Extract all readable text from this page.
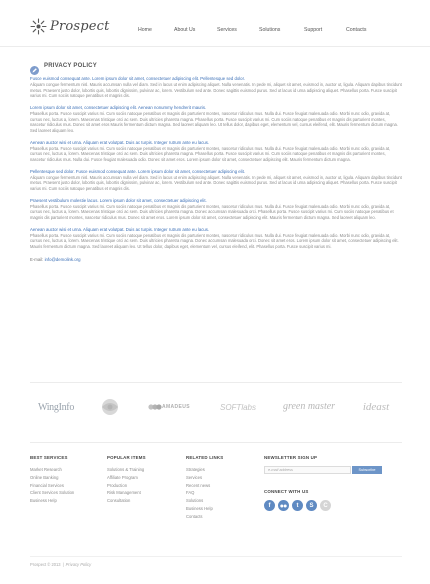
Prospect	Home	About Us	Services	Solutions	Support	Contacts
PRIVACY POLICY
Fusce euismod consequat ante. Lorem ipsum dolor sit amet, consectetuer adipiscing elit. Pellentesque sed dolor.
Aliquam congue fermentum nisl. Mauris accumsan nulla vel diam. Sed in lacus ut enim adipiscing aliquet. Nulla venenatis. In pede mi, aliquet sit amet, euismod in, auctor ut, ligula. Aliquam dapibus tincidunt metus. Praesent justo dolor, lobortis quis, lobortis dignissim, pulvinar ac, lorem. Vestibulum sed ante. Donec sagittis euismod purus. Sed ut lacus id urna adipiscing aliquet. Phasellus porta. Fusce suscipit varius mi. Cum sociis natoque penatibus et magnis dis.
Lorem ipsum dolor sit amet, consectetuer adipiscing elit. Aenean nonummy hendrerit mauris.
Phasellus porta. Fusce suscipit varius mi. Cum sociis natoque penatibus et magnis dis parturient montes, nascetur ridiculus mus. Nulla dui. Fusce feugiat malesuada odio. Morbi nunc odio, gravida at, cursus nec, luctus a, lorem. Maecenas tristique orci ac sem. Duis ultricies pharetra magna. Phasellus porta. Fusce suscipit varius mi. Cum sociis natoque penatibus et magnis dis parturient montes, nascetur ridiculus mus. Donec sit amet eros Mauris fermentum dictum magna. Sed laoreet aliquam leo. Ut tellus dolor, dapibus eget, elementum vel, cursus eleifend, elit. Mauris fermentum dictum magna. Sed laoreet aliquam leo.
Aenean auctor wisi et urna. Aliquam erat volutpat. Duis ac turpis. Integer rutrum ante eu lacus.
Phasellus porta. Fusce suscipit varius mi. Cum sociis natoque penatibus et magnis dis parturient montes, nascetur ridiculus mus. Nulla dui. Fusce feugiat malesuada odio. Morbi nunc odio, gravida at, cursus nec, luctus a, lorem. Maecenas tristique orci ac sem. Duis ultricies pharetra magna. Phasellus porta. Fusce suscipit varius mi. Cum sociis natoque penatibus et magnis dis parturient montes, nascetur ridiculus mus. Nulla dui. Fusce feugiat malesuada odio. Donec sit amet eros. Lorem ipsum dolor sit amet, consectetuer adipiscing elit. Mauris fermentum dictum magna.
Pellentesque sed dolor. Fusce euismod consequat ante. Lorem ipsum dolor sit amet, consectetuer adipiscing elit.
Aliquam congue fermentum nisl. Mauris accumsan nulla vel diam. Sed in lacus ut enim adipiscing aliquet. Nulla venenatis. In pede mi, aliquet sit amet, euismod in, auctor ut, ligula. Aliquam dapibus tincidunt metus. Praesent justo dolor, lobortis quis, lobortis dignissim, pulvinar ac, lorem. Vestibulum sed ante. Donec sagittis euismod purus. Sed ut lacus id urna adipiscing aliquet. Phasellus porta. Fusce suscipit varius mi. Cum sociis natoque penatibus et magnis dis.
Praesent vestibulum molestie lacus. Lorem ipsum dolor sit amet, consectetuer adipiscing elit.
Phasellus porta. Fusce suscipit varius mi. Cum sociis natoque penatibus et magnis dis parturient montes, nascetur ridiculus mus. Nulla dui. Fusce feugiat malesuada odio. Morbi nunc odio, gravida at, cursus nec, luctus a, lorem. Maecenas tristique orci ac sem. Duis ultricies pharetra magna. Donec accumsan malesuada orci. Phasellus porta. Fusce suscipit varius mi. Cum sociis natoque penatibus et magnis dis parturient montes, nascetur ridiculus mus. Donec sit amet eros. Lorem ipsum dolor sit amet, consectetuer adipiscing elit. Mauris fermentum dictum magna. Sed laoreet aliquam leo.
Aenean auctor wisi et urna. Aliquam erat volutpat. Duis ac turpis. Integer rutrum ante eu lacus.
Phasellus porta. Fusce suscipit varius mi. Cum sociis natoque penatibus et magnis dis parturient montes, nascetur ridiculus mus. Nulla dui. Fusce feugiat malesuada odio. Morbi nunc odio, gravida at, cursus nec, luctus a, lorem. Maecenas tristique orci ac sem. Duis ultricies pharetra magna. Donec accumsan malesuada orci. Donec sit amet eros. Lorem ipsum dolor sit amet, consectetuer adipiscing elit. Mauris fermentum dictum magna. Sed laoreet aliquam leo. Ut tellus dolor, dapibus eget, elementum vel, cursus eleifend, elit. Phasellus porta. Fusce suscipit varius mi.
E-mail: info@demolink.org
WingInfo	AMADEUS	SOFTlabs	green master	ideast
BEST SERVICES
Market Research
Online Banking
Financial Services
Client Services Solution
Business Help
POPULAR ITEMS
Solutions & Training
Affiliate Program
Production
Risk Management
Consultation
RELATED LINKS
Strategies
Services
Recent news
FAQ
Solutions
Business Help
Contacts
NEWSLETTER SIGN UP
e-mail address
Subscribe
CONNECT WITH US
f	t	S	C
Prospect © 2013 | Privacy Policy
